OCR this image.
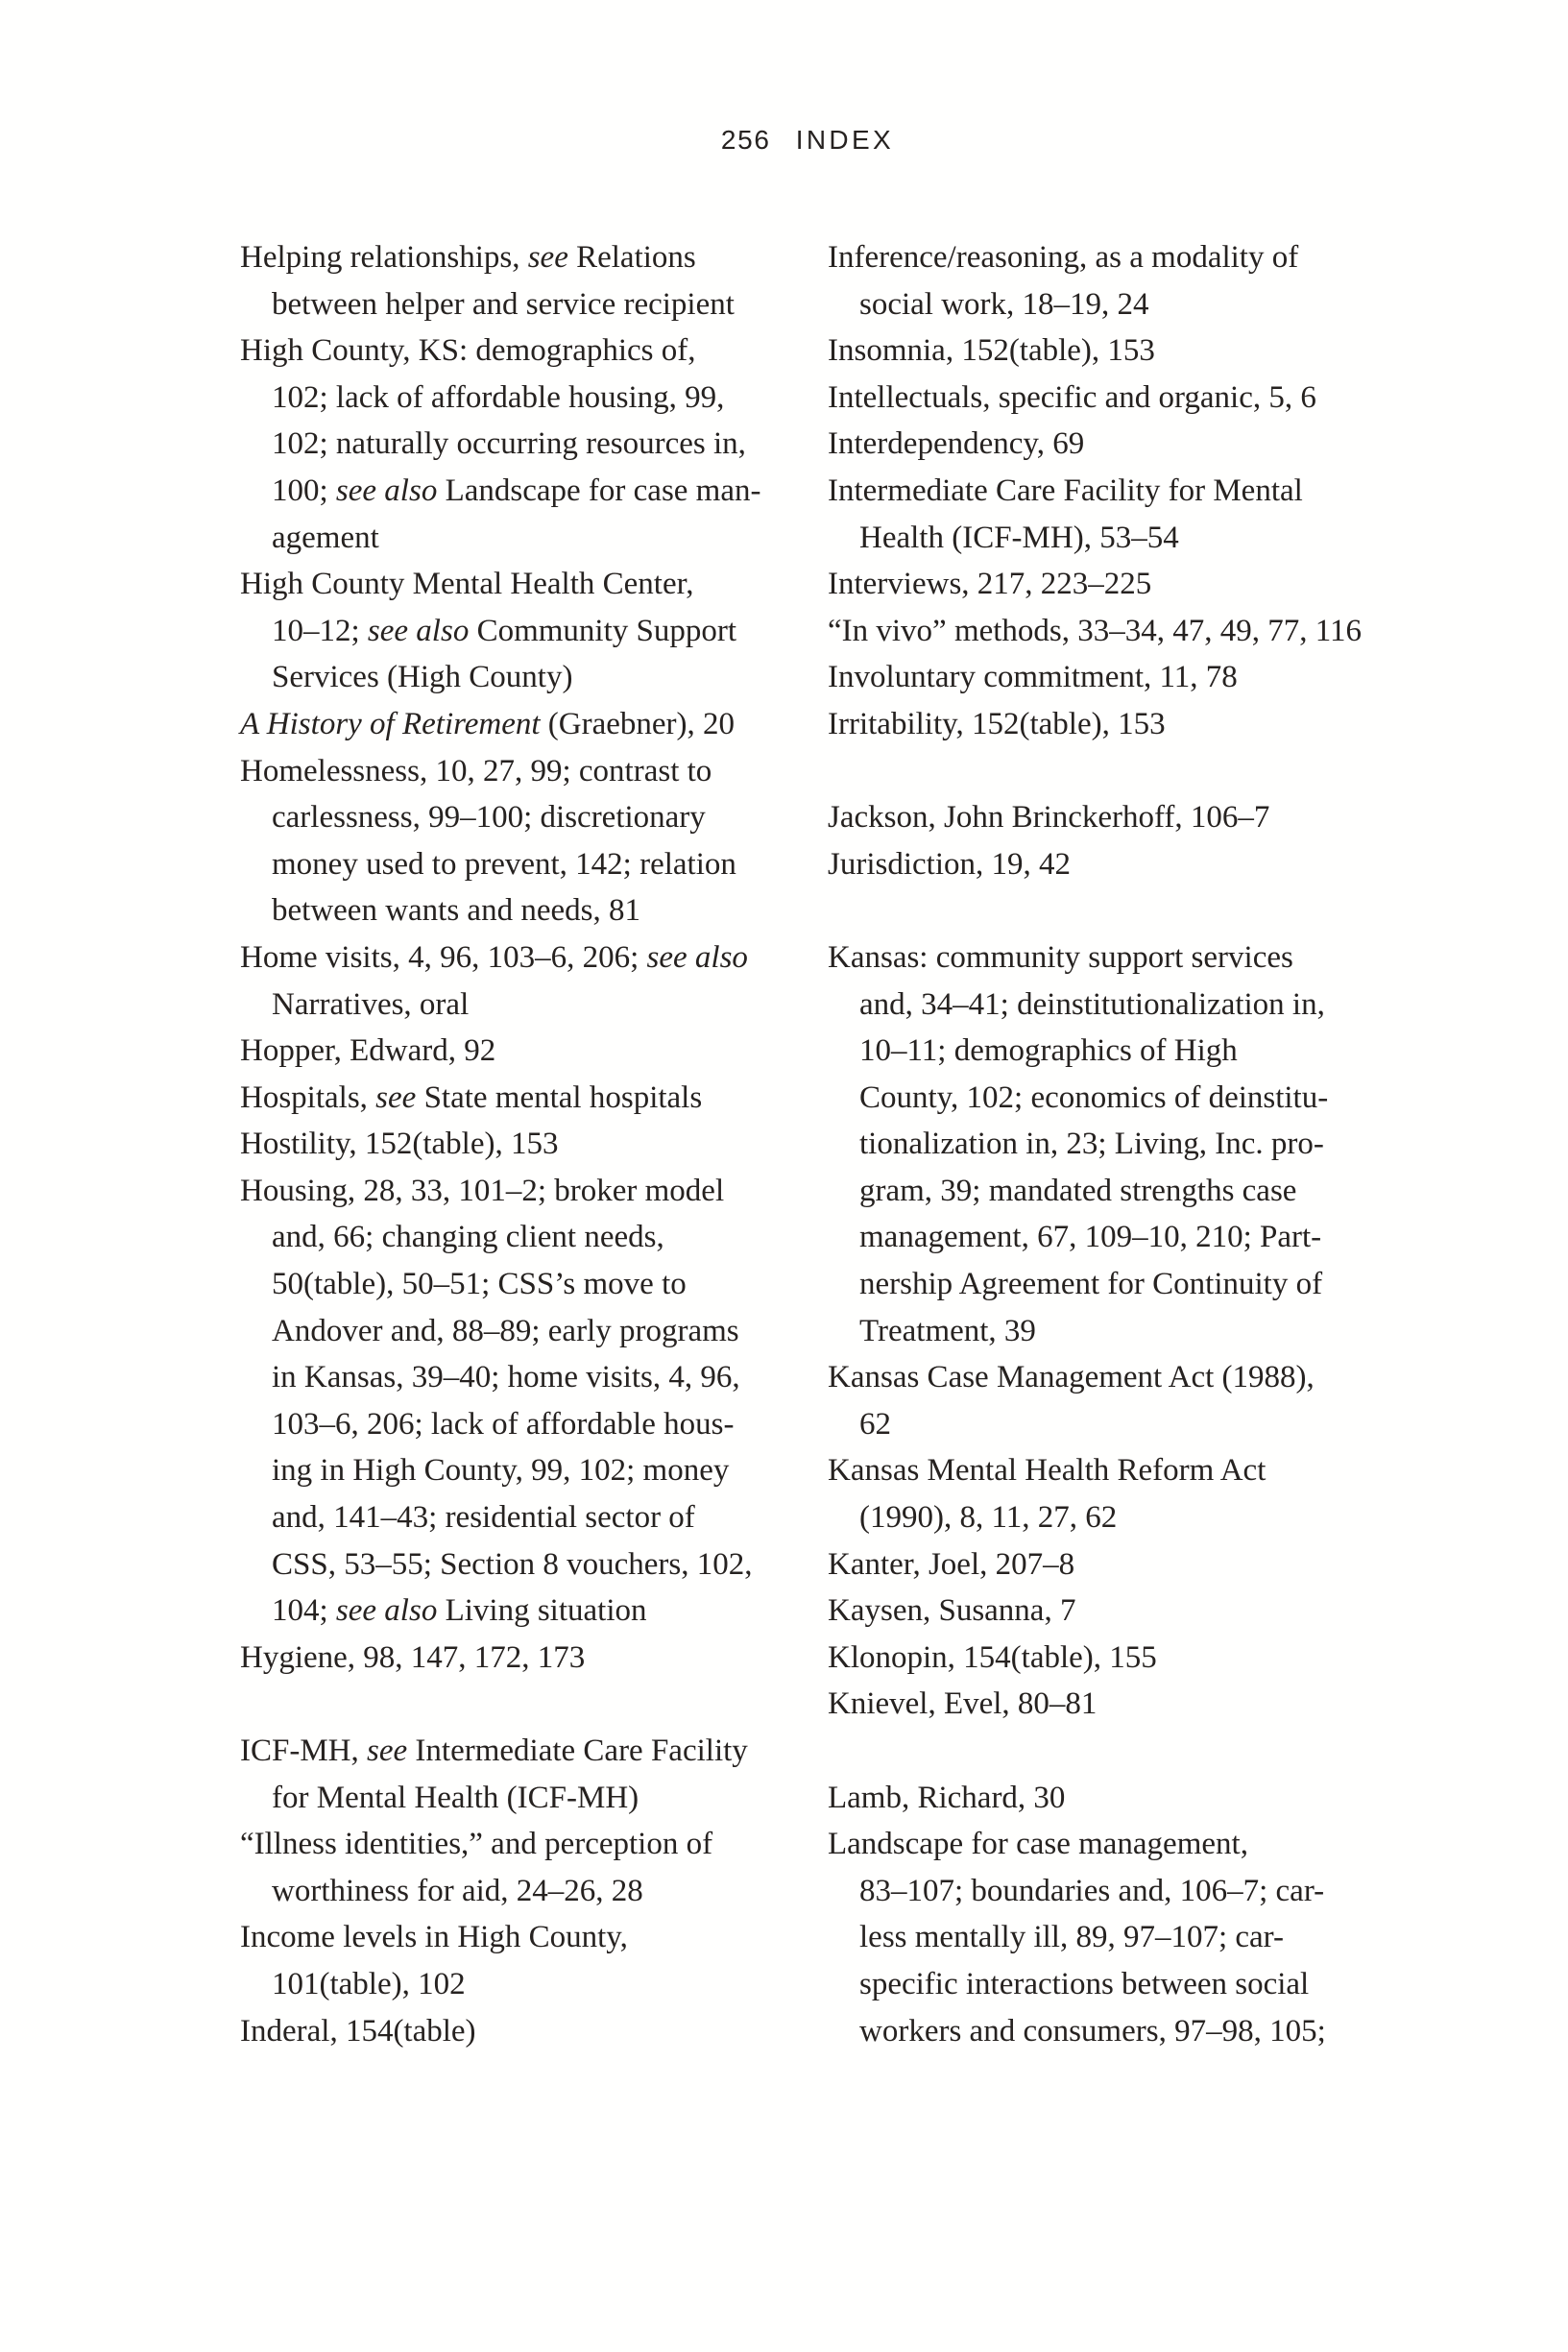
256 INDEX
Helping relationships, see Relations
between helper and service recipient
High County, KS: demographics of,
102; lack of affordable housing, 99,
102; naturally occurring resources in,
100; see also Landscape for case man-
agement
High County Mental Health Center,
10–12; see also Community Support
Services (High County)
A History of Retirement (Graebner), 20
Homelessness, 10, 27, 99; contrast to
carlessness, 99–100; discretionary
money used to prevent, 142; relation
between wants and needs, 81
Home visits, 4, 96, 103–6, 206; see also
Narratives, oral
Hopper, Edward, 92
Hospitals, see State mental hospitals
Hostility, 152(table), 153
Housing, 28, 33, 101–2; broker model
and, 66; changing client needs,
50(table), 50–51; CSS’s move to
Andover and, 88–89; early programs
in Kansas, 39–40; home visits, 4, 96,
103–6, 206; lack of affordable hous-
ing in High County, 99, 102; money
and, 141–43; residential sector of
CSS, 53–55; Section 8 vouchers, 102,
104; see also Living situation
Hygiene, 98, 147, 172, 173
ICF-MH, see Intermediate Care Facility
for Mental Health (ICF-MH)
“Illness identities,” and perception of
worthiness for aid, 24–26, 28
Income levels in High County,
101(table), 102
Inderal, 154(table)
Inference/reasoning, as a modality of
social work, 18–19, 24
Insomnia, 152(table), 153
Intellectuals, specific and organic, 5, 6
Interdependency, 69
Intermediate Care Facility for Mental
Health (ICF-MH), 53–54
Interviews, 217, 223–225
“In vivo” methods, 33–34, 47, 49, 77, 116
Involuntary commitment, 11, 78
Irritability, 152(table), 153
Jackson, John Brinckerhoff, 106–7
Jurisdiction, 19, 42
Kansas: community support services
and, 34–41; deinstitutionalization in,
10–11; demographics of High
County, 102; economics of deinstitu-
tionalization in, 23; Living, Inc. pro-
gram, 39; mandated strengths case
management, 67, 109–10, 210; Part-
nership Agreement for Continuity of
Treatment, 39
Kansas Case Management Act (1988),
62
Kansas Mental Health Reform Act
(1990), 8, 11, 27, 62
Kanter, Joel, 207–8
Kaysen, Susanna, 7
Klonopin, 154(table), 155
Knievel, Evel, 80–81
Lamb, Richard, 30
Landscape for case management,
83–107; boundaries and, 106–7; car-
less mentally ill, 89, 97–107; car-
specific interactions between social
workers and consumers, 97–98, 105;
